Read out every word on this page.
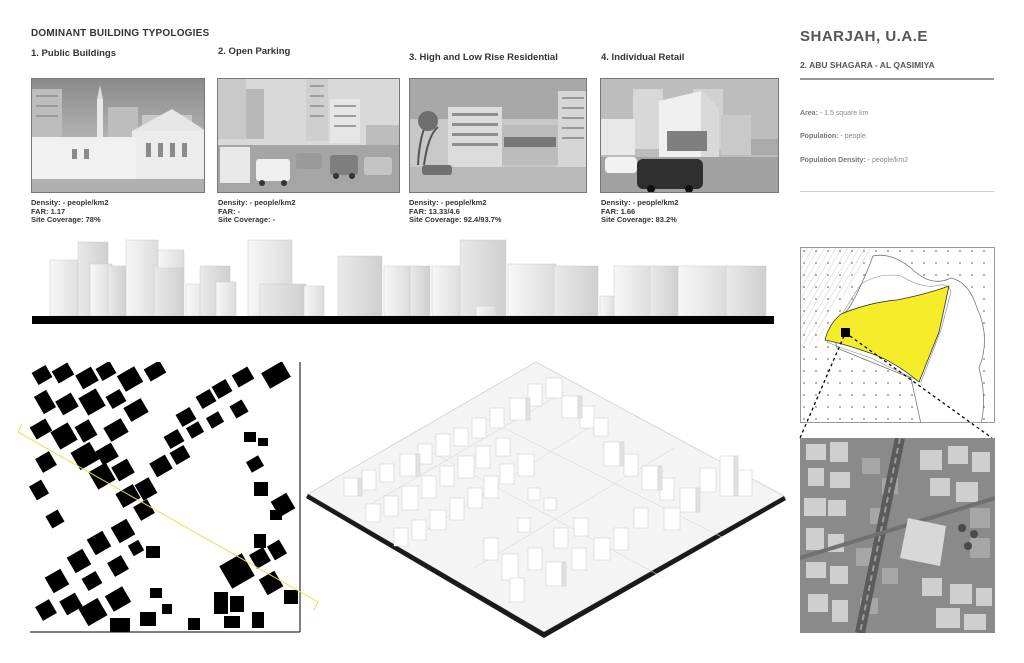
DOMINANT BUILDING TYPOLOGIES
1. Public Buildings	2. Open Parking
3. High and Low Rise Residential	4. Individual Retail
Density: - people/km2
FAR: 1.17
Site Coverage: 78%
Density: - people/km2
FAR: -
Site Coverage: -
Density: - people/km2
FAR: 13.33/4.6
Site Coverage: 92.4/93.7%
Density: - people/km2
FAR: 1.66
Site Coverage: 83.2%
SHARJAH, U.A.E
2. ABU SHAGARA - AL QASIMIYA
Area: - 1.5 square km
Population: - people
Population Density: - people/km2
